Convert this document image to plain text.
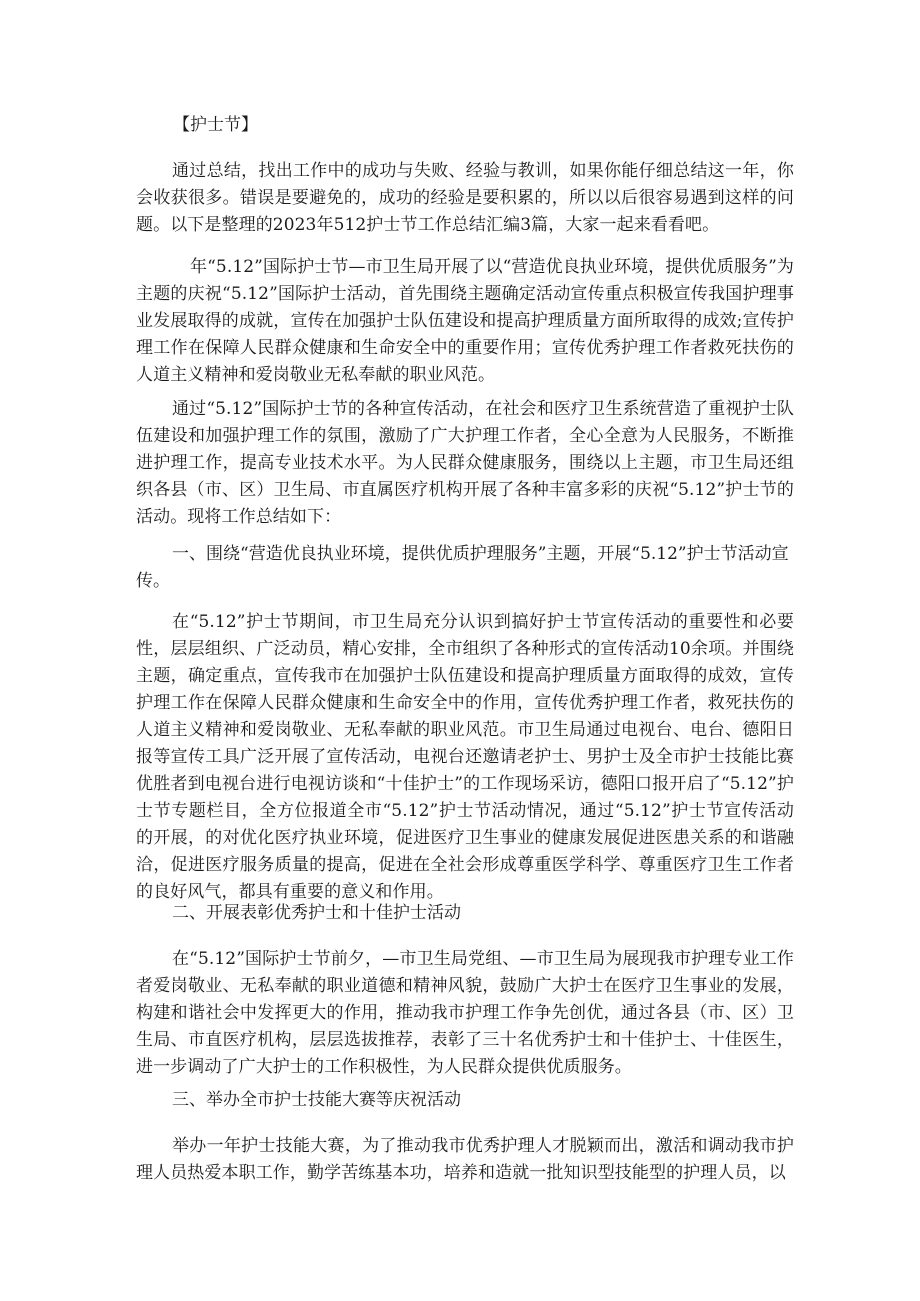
【护士节】

通过总结，找出工作中的成功与失败、经验与教训，如果你能仔细总结这一年，你会收获很多。错误是要避免的，成功的经验是要积累的，所以以后很容易遇到这样的问题。以下是整理的2023年512护士节工作总结汇编3篇，大家一起来看看吧。

年“5.12”国际护士节—市卫生局开展了以“营造优良执业环境，提供优质服务”为主题的庆祝“5.12”国际护士活动，首先围绕主题确定活动宣传重点积极宣传我国护理事业发展取得的成就，宣传在加强护士队伍建设和提高护理质量方面所取得的成效;宣传护理工作在保障人民群众健康和生命安全中的重要作用；宣传优秀护理工作者救死扶伤的人道主义精神和爱岗敬业无私奉献的职业风范。

通过“5.12”国际护士节的各种宣传活动，在社会和医疗卫生系统营造了重视护士队伍建设和加强护理工作的氛围，激励了广大护理工作者，全心全意为人民服务，不断推进护理工作，提高专业技术水平。为人民群众健康服务，围绕以上主题，市卫生局还组织各县（市、区）卫生局、市直属医疗机构开展了各种丰富多彩的庆祝“5.12”护士节的活动。现将工作总结如下：

一、围绕“营造优良执业环境，提供优质护理服务”主题，开展“5.12”护士节活动宣传。

在“5.12”护士节期间，市卫生局充分认识到搞好护士节宣传活动的重要性和必要性，层层组织、广泛动员，精心安排，全市组织了各种形式的宣传活动10余项。并围绕主题，确定重点，宣传我市在加强护士队伍建设和提高护理质量方面取得的成效，宣传护理工作在保障人民群众健康和生命安全中的作用，宣传优秀护理工作者，救死扶伤的人道主义精神和爱岗敬业、无私奉献的职业风范。市卫生局通过电视台、电台、德阳日报等宣传工具广泛开展了宣传活动，电视台还邀请老护士、男护士及全市护士技能比赛优胜者到电视台进行电视访谈和“十佳护士”的工作现场采访，德阳口报开启了“5.12”护士节专题栏目，全方位报道全市“5.12”护士节活动情况，通过“5.12”护士节宣传活动的开展，的对优化医疗执业环境，促进医疗卫生事业的健康发展促进医患关系的和谐融洽，促进医疗服务质量的提高，促进在全社会形成尊重医学科学、尊重医疗卫生工作者的良好风气，都具有重要的意义和作用。

二、开展表彰优秀护士和十佳护士活动

在“5.12”国际护士节前夕，—市卫生局党组、—市卫生局为展现我市护理专业工作者爱岗敬业、无私奉献的职业道德和精神风貌，鼓励广大护士在医疗卫生事业的发展，构建和谐社会中发挥更大的作用，推动我市护理工作争先创优，通过各县（市、区）卫生局、市直医疗机构，层层选拔推荐，表彰了三十名优秀护士和十佳护士、十佳医生，进一步调动了广大护士的工作积极性，为人民群众提供优质服务。

三、举办全市护士技能大赛等庆祝活动

举办一年护士技能大赛，为了推动我市优秀护理人才脱颖而出，激活和调动我市护理人员热爱本职工作，勤学苦练基本功，培养和造就一批知识型技能型的护理人员，以
